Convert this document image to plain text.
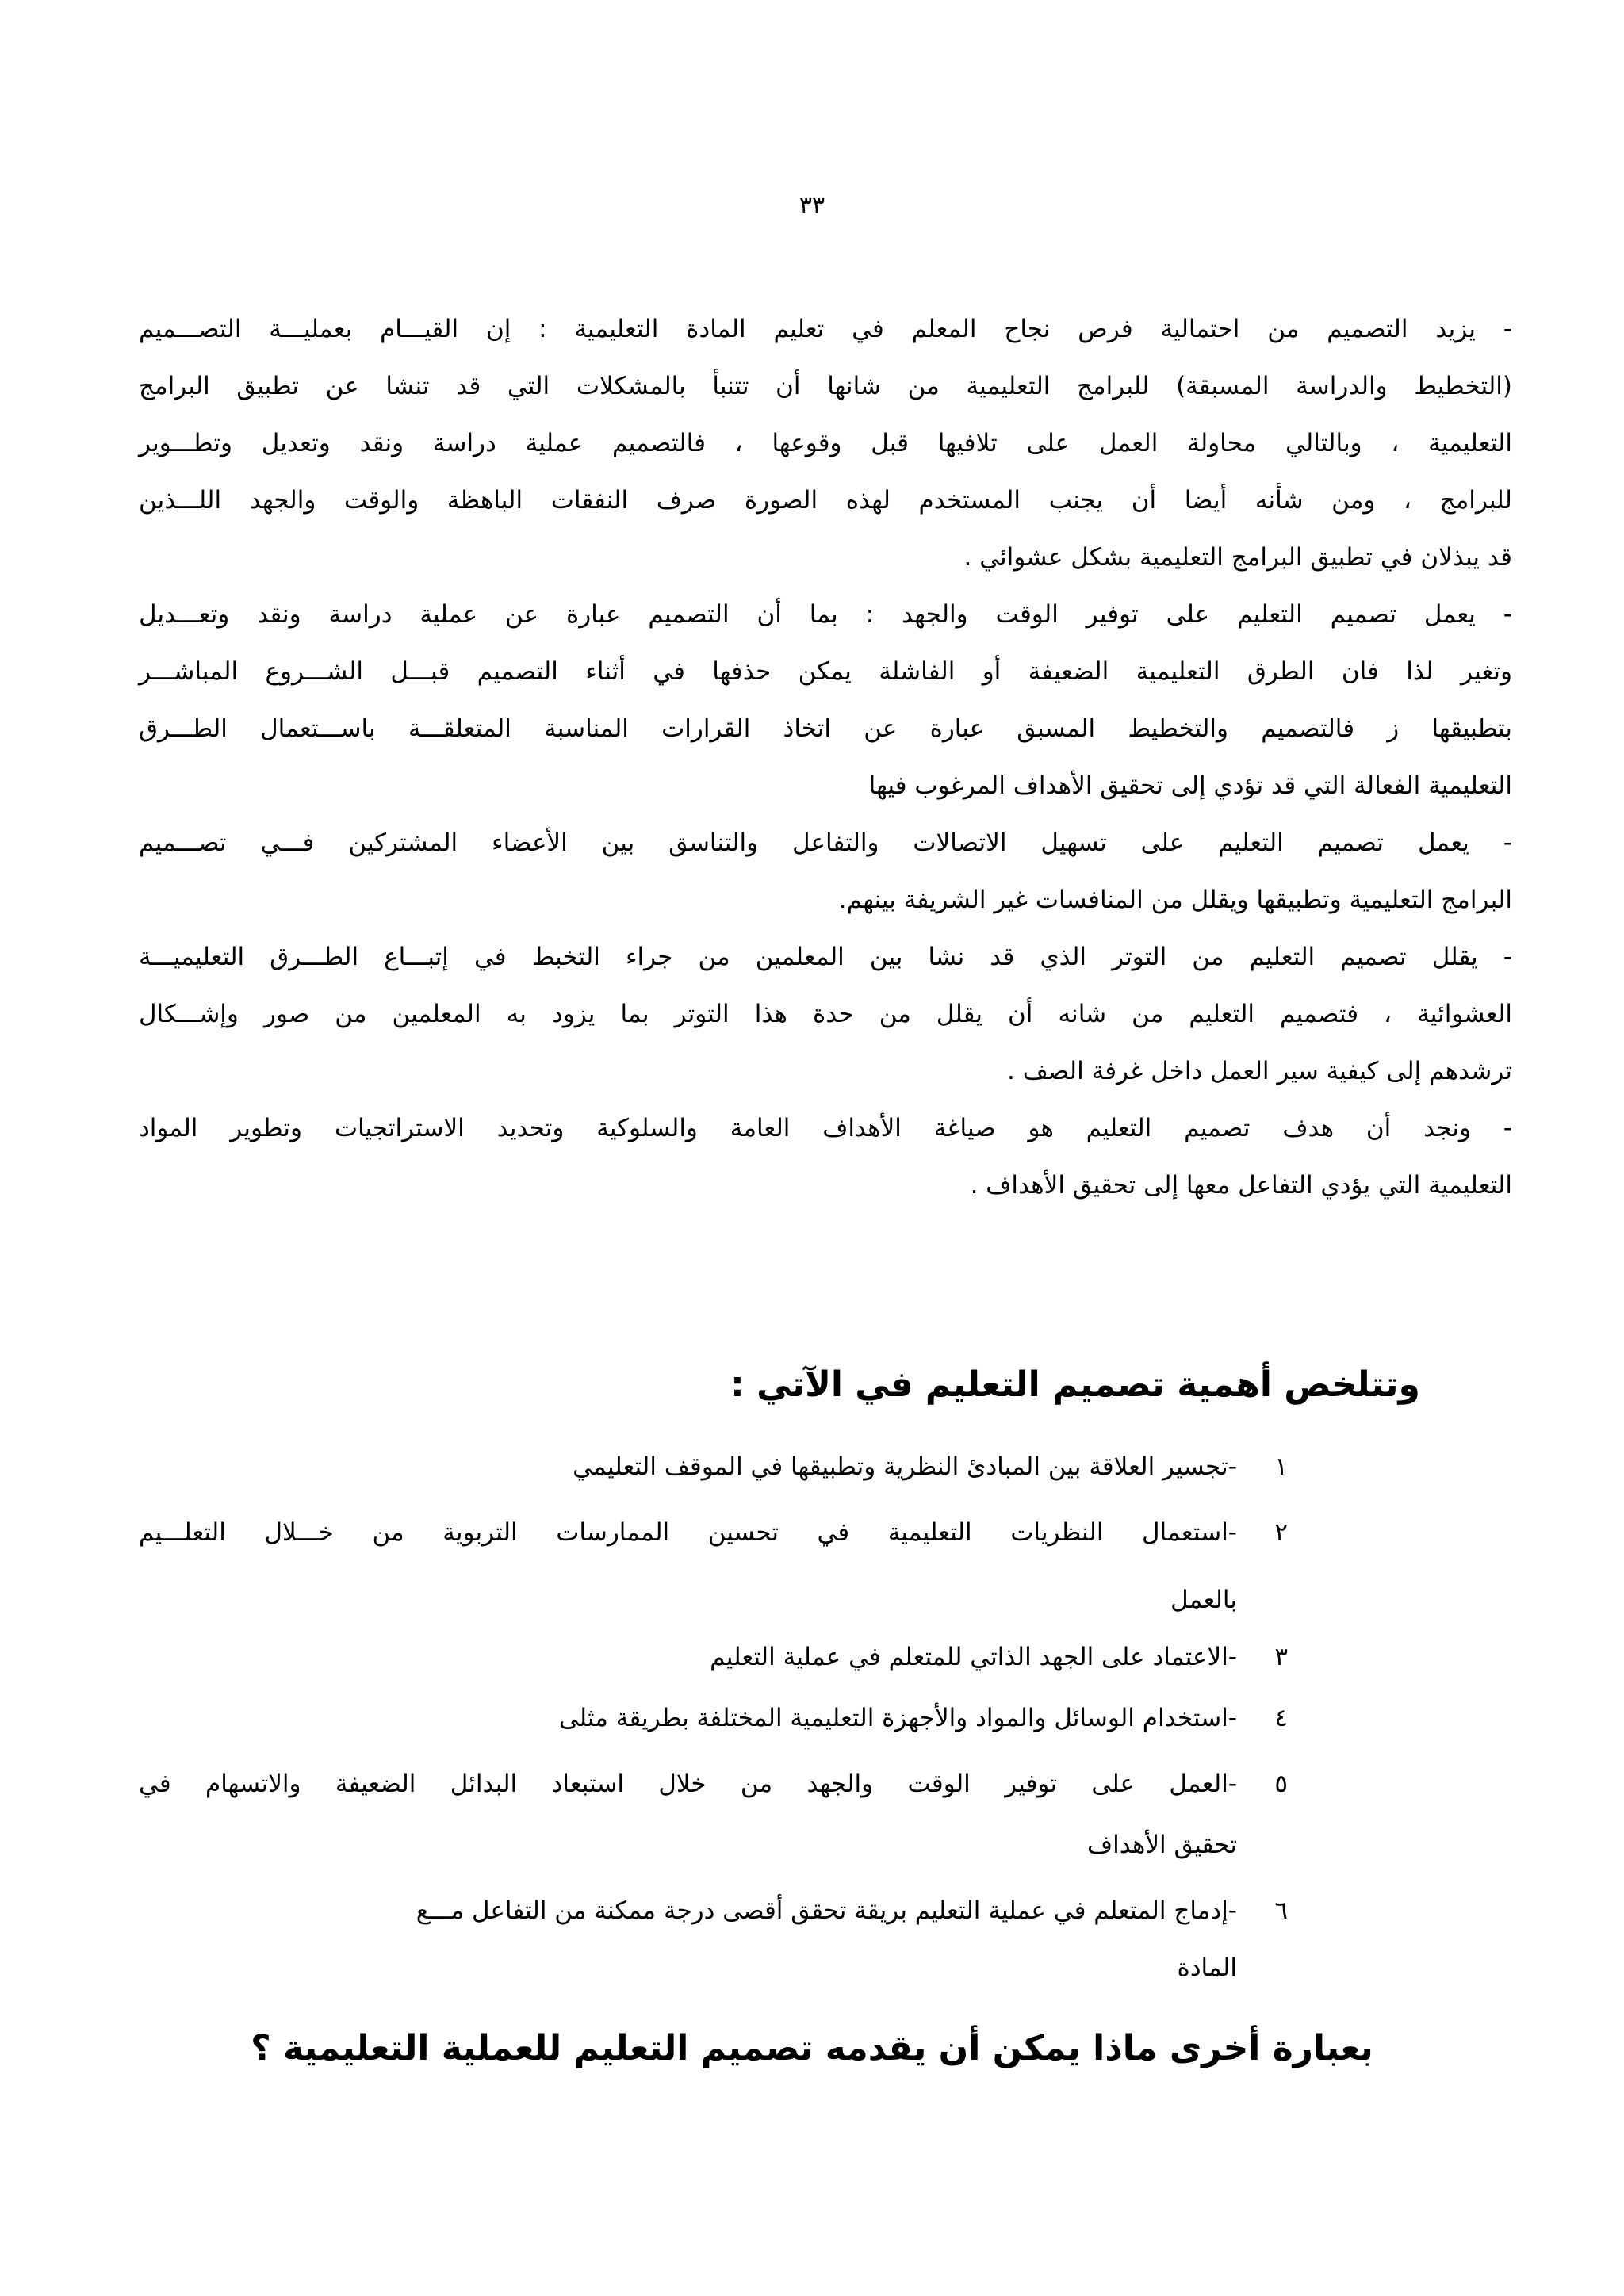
٣٣
- يزيد التصميم من احتمالية فرص نجاح المعلم في تعليم المادة التعليمية : إن القيـــام بعمليـــة التصـــميم
(التخطيط والدراسة المسبقة) للبرامج التعليمية من شانها أن تتنبأ بالمشكلات التي قد تنشا عن تطبيق البرامج
التعليمية ، وبالتالي محاولة العمل على تلافيها قبل وقوعها ، فالتصميم عملية دراسة ونقد وتعديل وتطـــوير
للبرامج ، ومن شأنه أيضا أن يجنب المستخدم لهذه الصورة صرف النفقات الباهظة والوقت والجهد اللـــذين
قد يبذلان في تطبيق البرامج التعليمية بشكل عشوائي .
- يعمل تصميم التعليم على توفير الوقت والجهد : بما أن التصميم عبارة عن عملية دراسة ونقد وتعـــديل
وتغير لذا فان الطرق التعليمية الضعيفة أو الفاشلة يمكن حذفها في أثناء التصميم قبـــل الشـــروع المباشـــر
بتطبيقها ز فالتصميم والتخطيط المسبق عبارة عن اتخاذ القرارات المناسبة المتعلقـــة باســـتعمال الطـــرق
التعليمية الفعالة التي قد تؤدي إلى تحقيق الأهداف المرغوب فيها
- يعمل تصميم التعليم على تسهيل الاتصالات والتفاعل والتناسق بين الأعضاء المشتركين فـــي تصـــميم
البرامج التعليمية وتطبيقها ويقلل من المنافسات غير الشريفة بينهم.
- يقلل تصميم التعليم من التوتر الذي قد نشا بين المعلمين من جراء التخبط في إتبـــاع الطـــرق التعليميـــة
العشوائية ، فتصميم التعليم من شانه أن يقلل من حدة هذا التوتر بما يزود به المعلمين من صور وإشـــكال
ترشدهم إلى كيفية سير العمل داخل غرفة الصف .
- ونجد أن هدف تصميم التعليم هو صياغة الأهداف العامة والسلوكية وتحديد الاستراتجيات وتطوير المواد
التعليمية التي يؤدي التفاعل معها إلى تحقيق الأهداف .
وتتلخص أهمية تصميم التعليم في الآتي :
١
-تجسير العلاقة بين المبادئ النظرية وتطبيقها في الموقف التعليمي
٢
-استعمال النظريات التعليمية في تحسين الممارسات التربوية من خـــلال التعلـــيم
بالعمل
٣
-الاعتماد على الجهد الذاتي للمتعلم في عملية التعليم
٤
-استخدام الوسائل والمواد والأجهزة التعليمية المختلفة بطريقة مثلى
٥
-العمل على توفير الوقت والجهد من خلال استبعاد البدائل الضعيفة والاتسهام في
تحقيق الأهداف
٦
-إدماج المتعلم في عملية التعليم بريقة تحقق أقصى درجة ممكنة من التفاعل مـــع
المادة
بعبارة أخرى ماذا يمكن أن يقدمه تصميم التعليم للعملية التعليمية ؟
